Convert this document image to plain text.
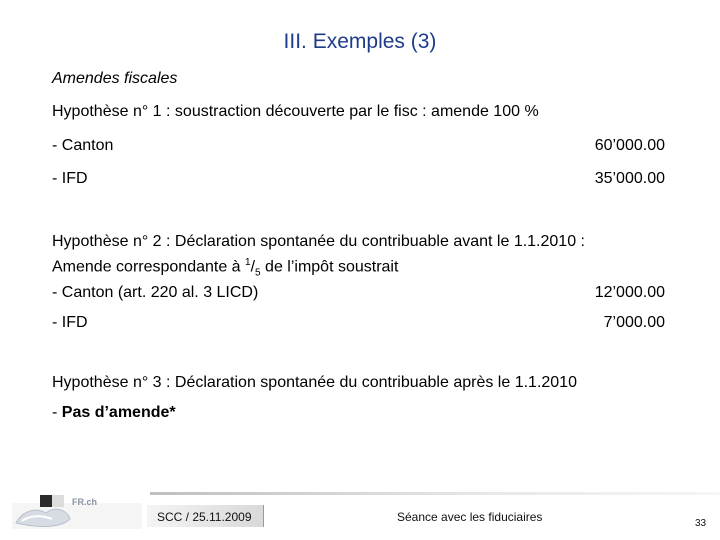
III. Exemples (3)
Amendes fiscales
Hypothèse n° 1 : soustraction découverte par le fisc : amende 100 %
- Canton	60’000.00
- IFD	35’000.00
Hypothèse n° 2 : Déclaration spontanée du contribuable avant le 1.1.2010 :
Amende correspondante à $^1/_5$ de l’impôt soustrait
- Canton (art. 220 al. 3 LICD)	12’000.00
- IFD	7’000.00
Hypothèse n° 3 : Déclaration spontanée du contribuable après le 1.1.2010
- Pas d’amende*
FR.ch
SCC / 25.11.2009	Séance avec les fiduciaires	33
